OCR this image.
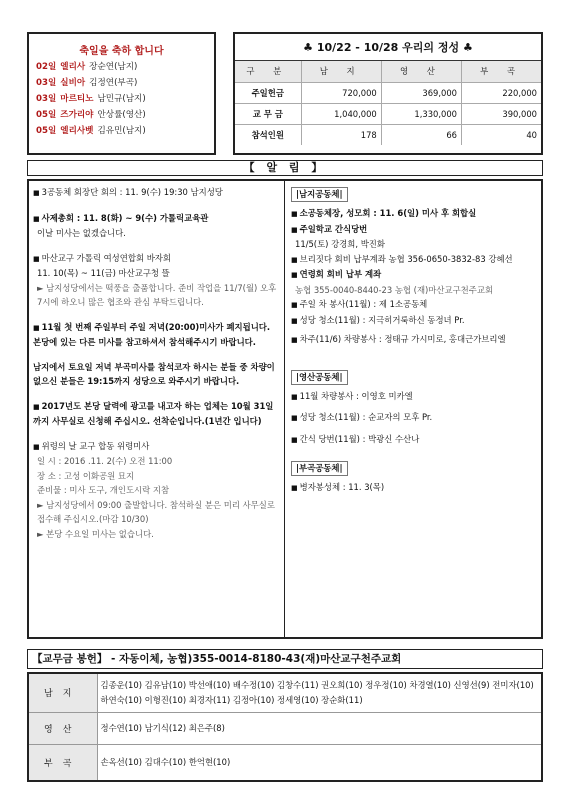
축일을 축하 합니다
02일 엘리사 장순연(남지)
03일 실비아 김정연(부곡)
03일 마르티노 남민규(남지)
05일 즈가리야 안상률(영산)
05일 엘리사벳 김유민(남지)
♣ 10/22 - 10/28 우리의 정성 ♣
구 분	남 지	영 산	부 곡
주일헌금	720,000	369,000	220,000
교 무 금	1,040,000	1,330,000	390,000
참석인원	178	66	40
【 알 림 】
■ 3공동체 회장단 회의 : 11. 9(수) 19:30 남지성당
■ 사제총회 : 11. 8(화) ~ 9(수) 가톨릭교육관
이날 미사는 없겠습니다.
■ 마산교구 가톨릭 여성연합회 바자회
11. 10(목) ~ 11(금) 마산교구청 뜰
► 남지성당에서는 떡풍을 출품합니다. 준비 작업을 11/7(월) 오후 7시에 하오니 많은 협조와 관심 부탁드립니다.
■ 11월 첫 번째 주일부터 주일 저녁(20:00)미사가 폐지됩니다. 본당에 있는 다른 미사를 참고하셔서 참석해주시기 바랍니다.
남지에서 토요일 저녁 부곡미사를 참석코자 하시는 분들 중 차량이 없으신 분들은 19:15까지 성당으로 와주시기 바랍니다.
■ 2017년도 본당 달력에 광고를 내고자 하는 업체는 10월 31일 까지 사무실로 신청해 주십시오. 선착순입니다.(1년간 입니다)
■ 위령의 날 교구 합동 위령미사
일 시 : 2016 .11. 2(수) 오전 11:00
장 소 : 고성 이화공원 묘지
준비물 : 미사 도구, 개인도시락 지참
► 남지성당에서 09:00 출발합니다. 참석하실 분은 미리 사무실로 접수해 주십시오.(마감 10/30)
► 본당 수요일 미사는 없습니다.
|남지공동체|
■ 소공동체장, 성모회 : 11. 6(일) 미사 후 회합실
■ 주일학교 간식당번
11/5(토) 강경희, 박진화
■ 브리짓다 회비 납부계좌 농협 356-0650-3832-83 강혜선
■ 연령회 회비 납부 계좌
농협 355-0040-8440-23 농협 (재)마산교구천주교회
■ 주일 차 봉사(11월) : 제 1소공동체
■ 성당 청소(11월) : 지극히거룩하신 동정녀 Pr.
■ 차주(11/6) 차량봉사 : 정태규 가시미로, 홍대근가브리엘
|영산공동체|
■ 11월 차량봉사 : 이영호 미카엘
■ 성당 청소(11월) : 순교자의 모후 Pr.
■ 간식 당번(11월) : 박광신 수산나
|부곡공동체|
■ 병자봉성체 : 11. 3(목)
【교무금 봉헌】 - 자동이체, 농협)355-0014-8180-43(재)마산교구천주교회
남지	김종운(10) 김유남(10) 박선애(10) 배수정(10) 김창수(11) 권오희(10) 정우정(10) 차경열(10) 신영선(9) 전미자(10) 하연숙(10) 이형진(10) 최경자(11) 김정아(10) 정세영(10) 장순화(11)
영산	정수연(10) 남기식(12) 최은주(8)
부곡	손옥선(10) 김대수(10) 한억현(10)
